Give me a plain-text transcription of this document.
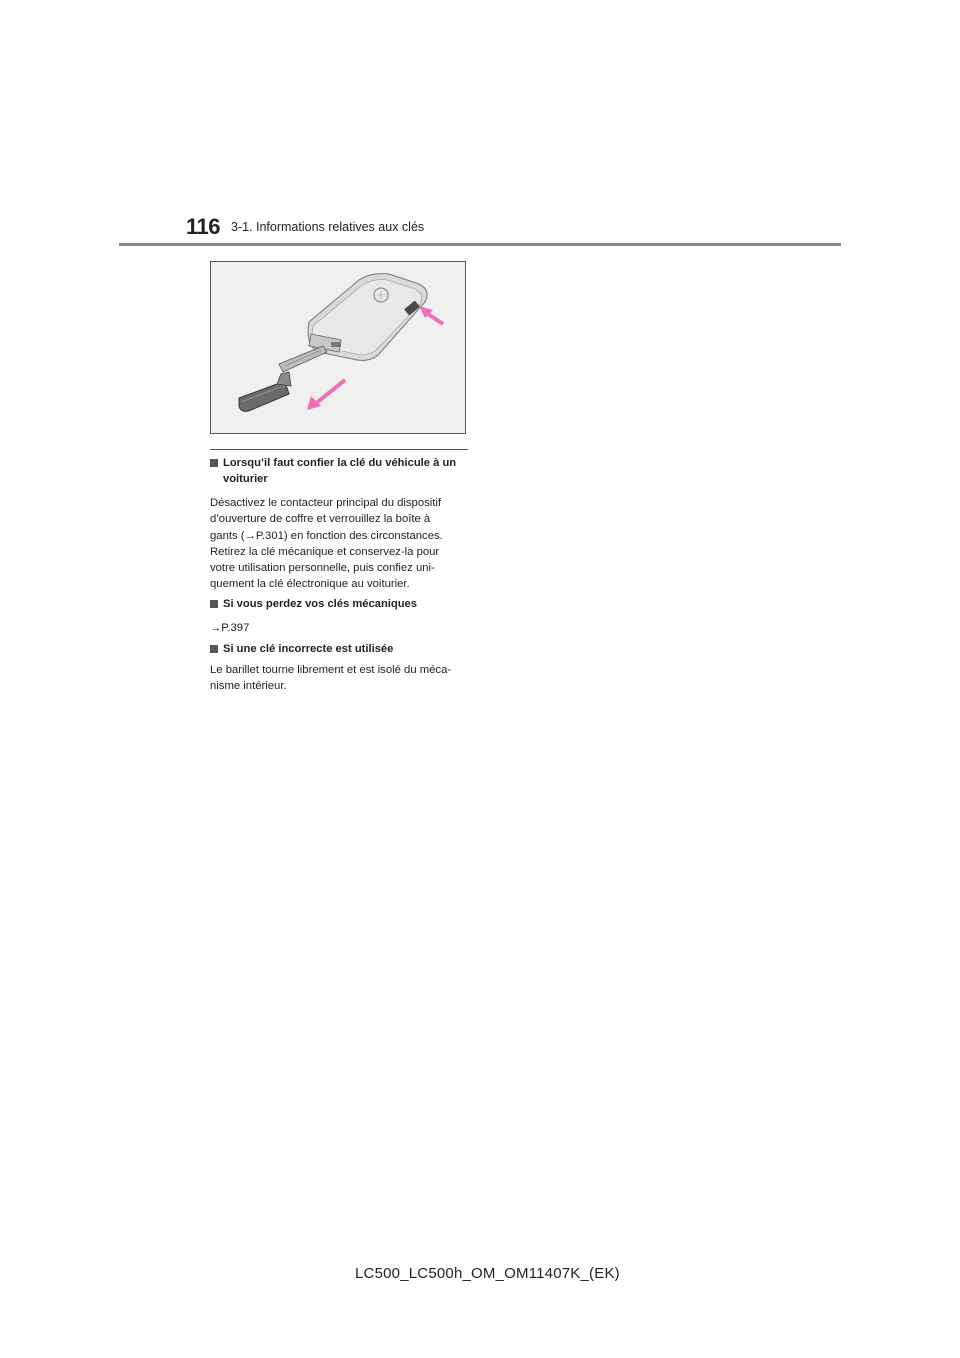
116 3-1. Informations relatives aux clés
Lorsqu’il faut confier la clé du véhicule à un
voiturier
Désactivez le contacteur principal du dispositif
d’ouverture de coffre et verrouillez la boîte à
gants (→P.301) en fonction des circonstances.
Retirez la clé mécanique et conservez-la pour
votre utilisation personnelle, puis confiez uni-
quement la clé électronique au voiturier.
Si vous perdez vos clés mécaniques
→P.397
Si une clé incorrecte est utilisée
Le barillet tourne librement et est isolé du méca-
nisme intérieur.
LC500_LC500h_OM_OM11407K_(EK)
